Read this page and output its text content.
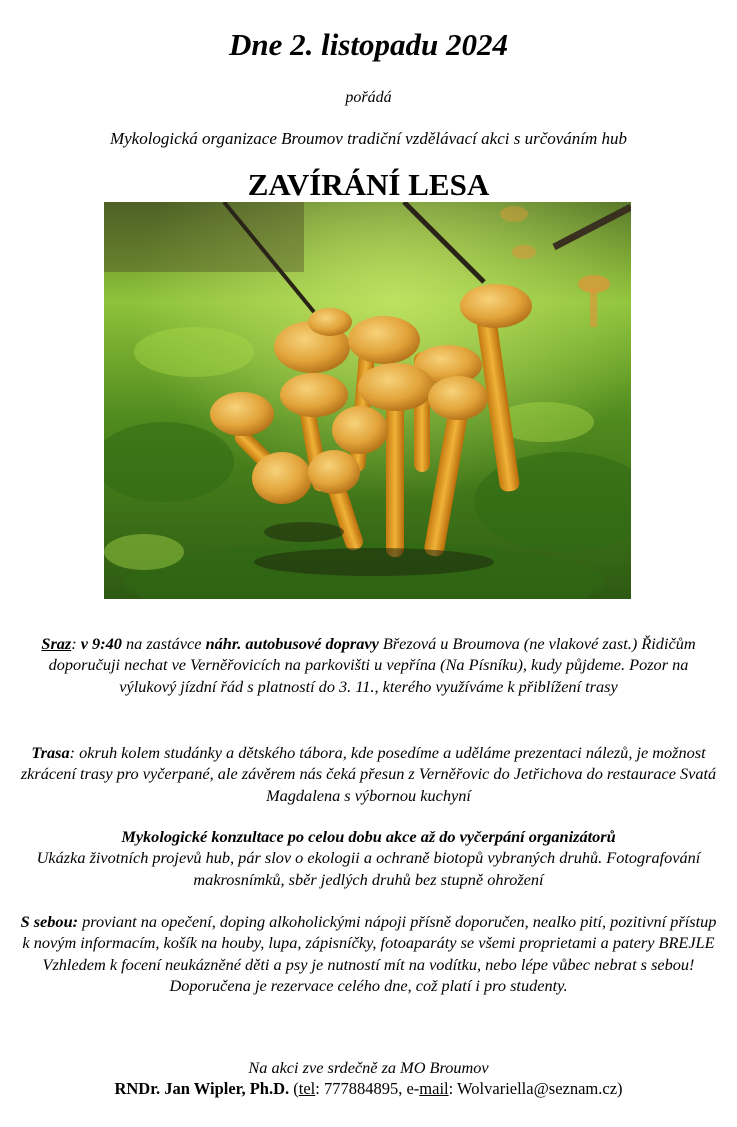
Dne 2. listopadu 2024
pořádá
Mykologická organizace Broumov tradiční vzdělávací akci s určováním hub
ZAVÍRÁNÍ LESA
Sraz: v 9:40 na zastávce náhr. autobusové dopravy Březová u Broumova (ne vlakové zast.) Řidičům doporučuji nechat ve Verněřovicích na parkovišti u vepřína (Na Písníku), kudy půjdeme. Pozor na výlukový jízdní řád s platností do 3. 11., kterého využíváme k přiblížení trasy
Trasa: okruh kolem studánky a dětského tábora, kde posedíme a uděláme prezentaci nálezů, je možnost zkrácení trasy pro vyčerpané, ale závěrem nás čeká přesun z Verněřovic do Jetřichova do restaurace Svatá Magdalena s výbornou kuchyní
Mykologické konzultace po celou dobu akce až do vyčerpání organizátorů
Ukázka životních projevů hub, pár slov o ekologii a ochraně biotopů vybraných druhů. Fotografování makrosnímků, sběr jedlých druhů bez stupně ohrožení
S sebou: proviant na opečení, doping alkoholickými nápoji přísně doporučen, nealko pití, pozitivní přístup k novým informacím, košík na houby, lupa, zápisníčky, fotoaparáty se všemi proprietami a patery BREJLE
Vzhledem k focení neukázněné děti a psy je nutností mít na vodítku, nebo lépe vůbec nebrat s sebou! Doporučena je rezervace celého dne, což platí i pro studenty.
Na akci zve srdečně za MO Broumov
RNDr. Jan Wipler, Ph.D. (tel: 777884895, e-mail: Wolvariella@seznam.cz)
